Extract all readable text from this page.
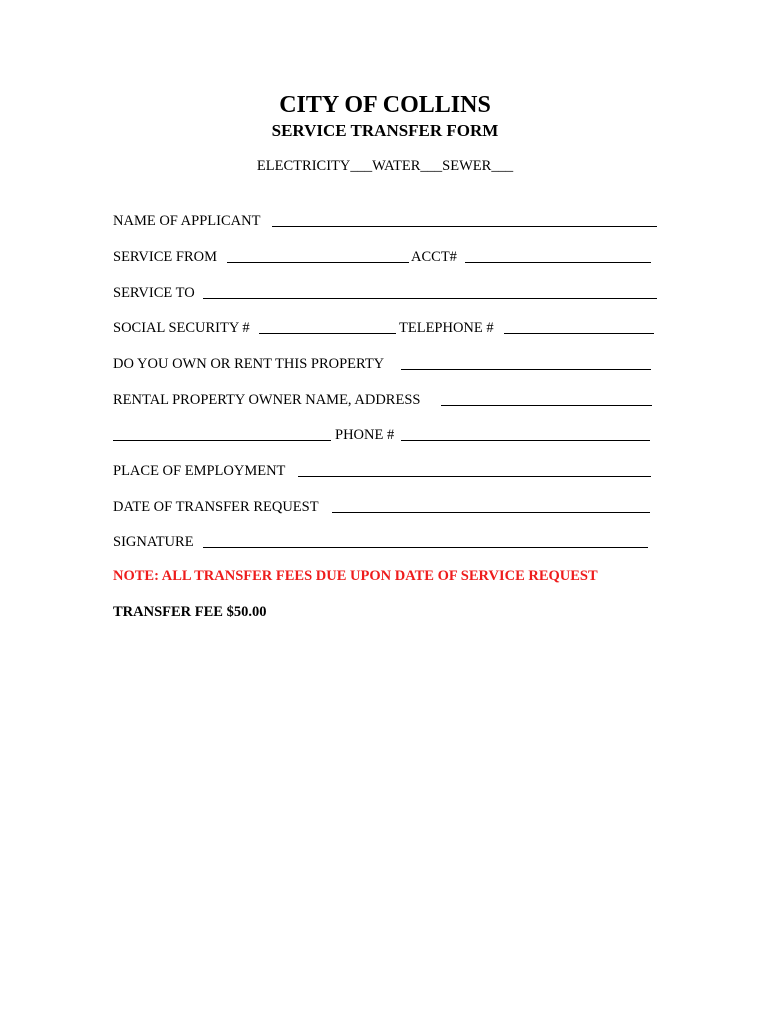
CITY OF COLLINS
SERVICE TRANSFER FORM
ELECTRICITY___WATER___SEWER___
NAME OF APPLICANT
SERVICE FROM	ACCT#
SERVICE TO
SOCIAL SECURITY #	TELEPHONE #
DO YOU OWN OR RENT THIS PROPERTY
RENTAL PROPERTY OWNER NAME, ADDRESS
PHONE #
PLACE OF EMPLOYMENT
DATE OF TRANSFER REQUEST
SIGNATURE
NOTE: ALL TRANSFER FEES DUE UPON DATE OF SERVICE REQUEST
TRANSFER FEE $50.00
